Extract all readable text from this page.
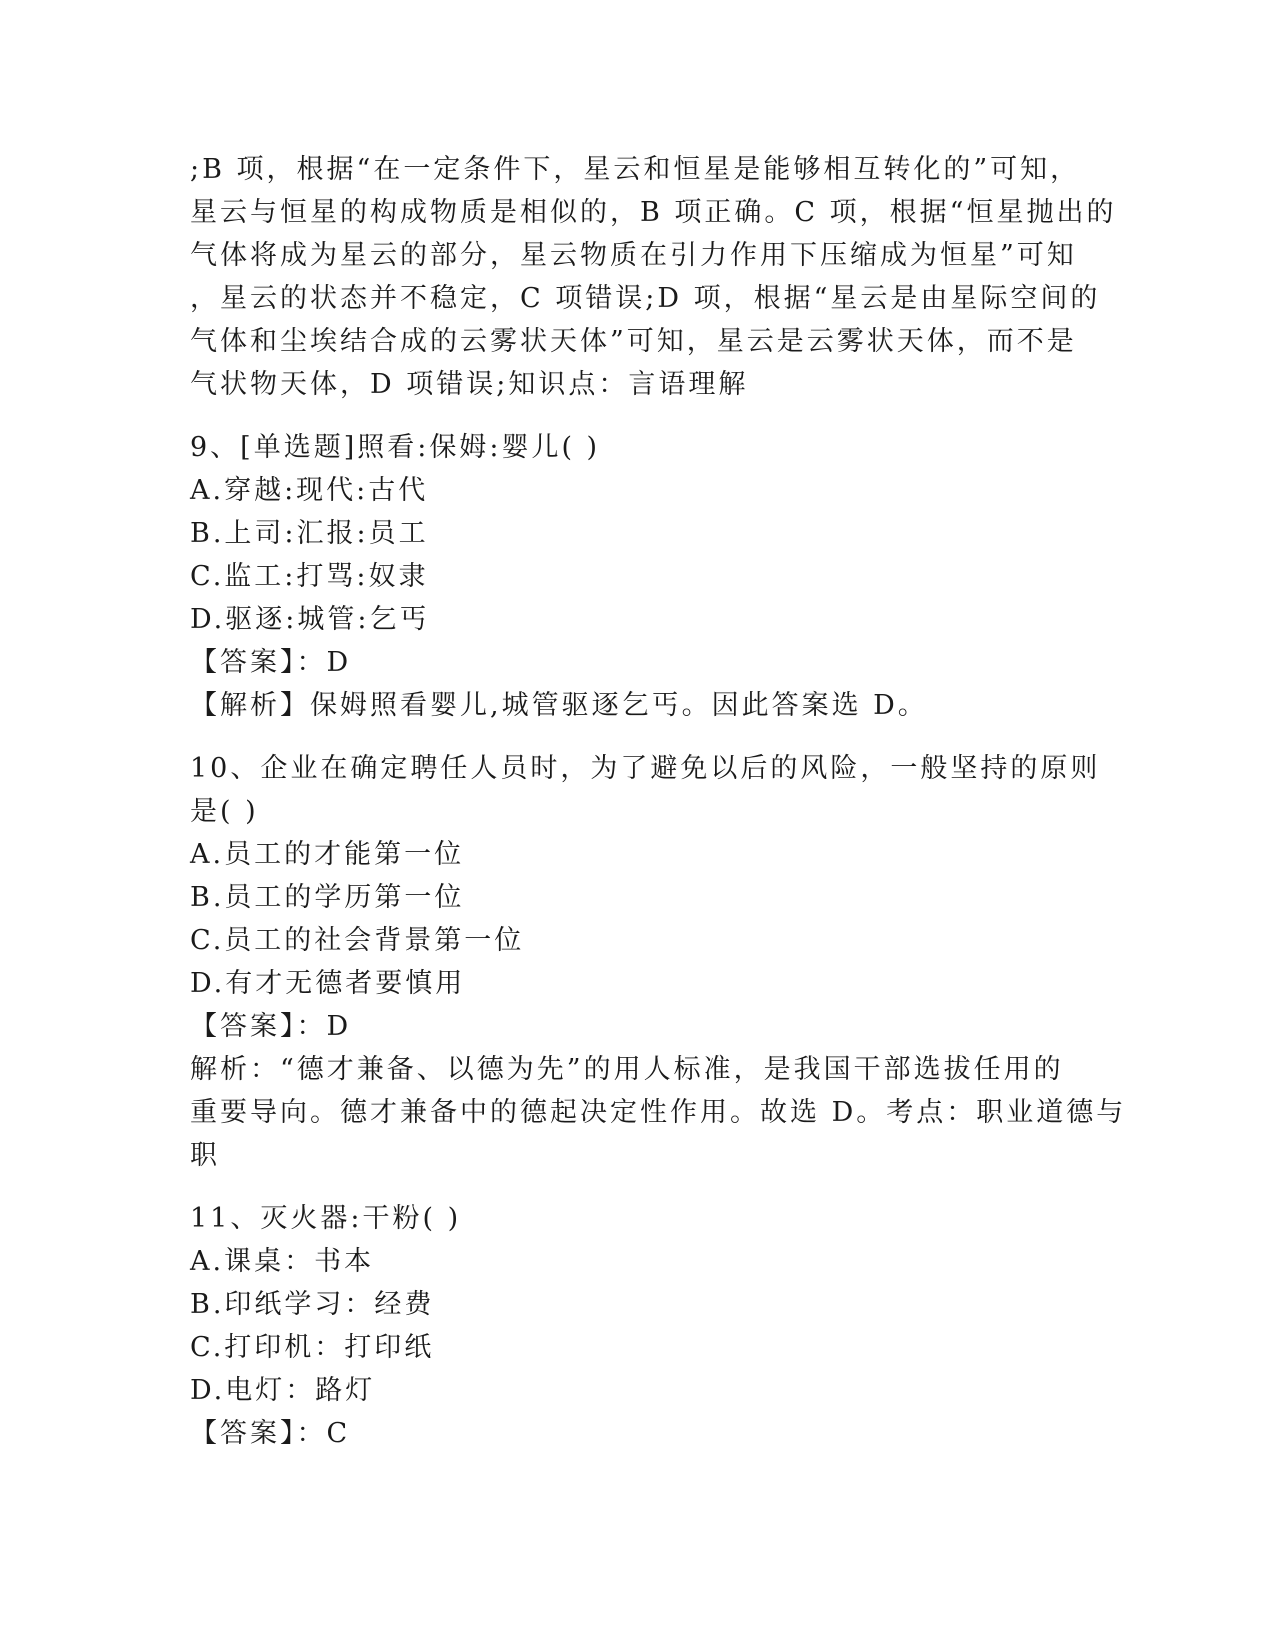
;B 项，根据“在一定条件下，星云和恒星是能够相互转化的”可知，
星云与恒星的构成物质是相似的，B 项正确。C 项，根据“恒星抛出的
气体将成为星云的部分，星云物质在引力作用下压缩成为恒星”可知
，星云的状态并不稳定，C 项错误;D 项，根据“星云是由星际空间的
气体和尘埃结合成的云雾状天体”可知，星云是云雾状天体，而不是
气状物天体，D 项错误;知识点：言语理解
9、[单选题]照看:保姆:婴儿( )
A.穿越:现代:古代
B.上司:汇报:员工
C.监工:打骂:奴隶
D.驱逐:城管:乞丐
【答案】：D
【解析】保姆照看婴儿,城管驱逐乞丐。因此答案选 D。
10、企业在确定聘任人员时，为了避免以后的风险，一般坚持的原则
是( )
A.员工的才能第一位
B.员工的学历第一位
C.员工的社会背景第一位
D.有才无德者要慎用
【答案】：D
解析：“德才兼备、以德为先”的用人标准，是我国干部选拔任用的
重要导向。德才兼备中的德起决定性作用。故选 D。考点：职业道德与
职
11、灭火器:干粉( )
A.课桌：书本
B.印纸学习：经费
C.打印机：打印纸
D.电灯：路灯
【答案】：C
